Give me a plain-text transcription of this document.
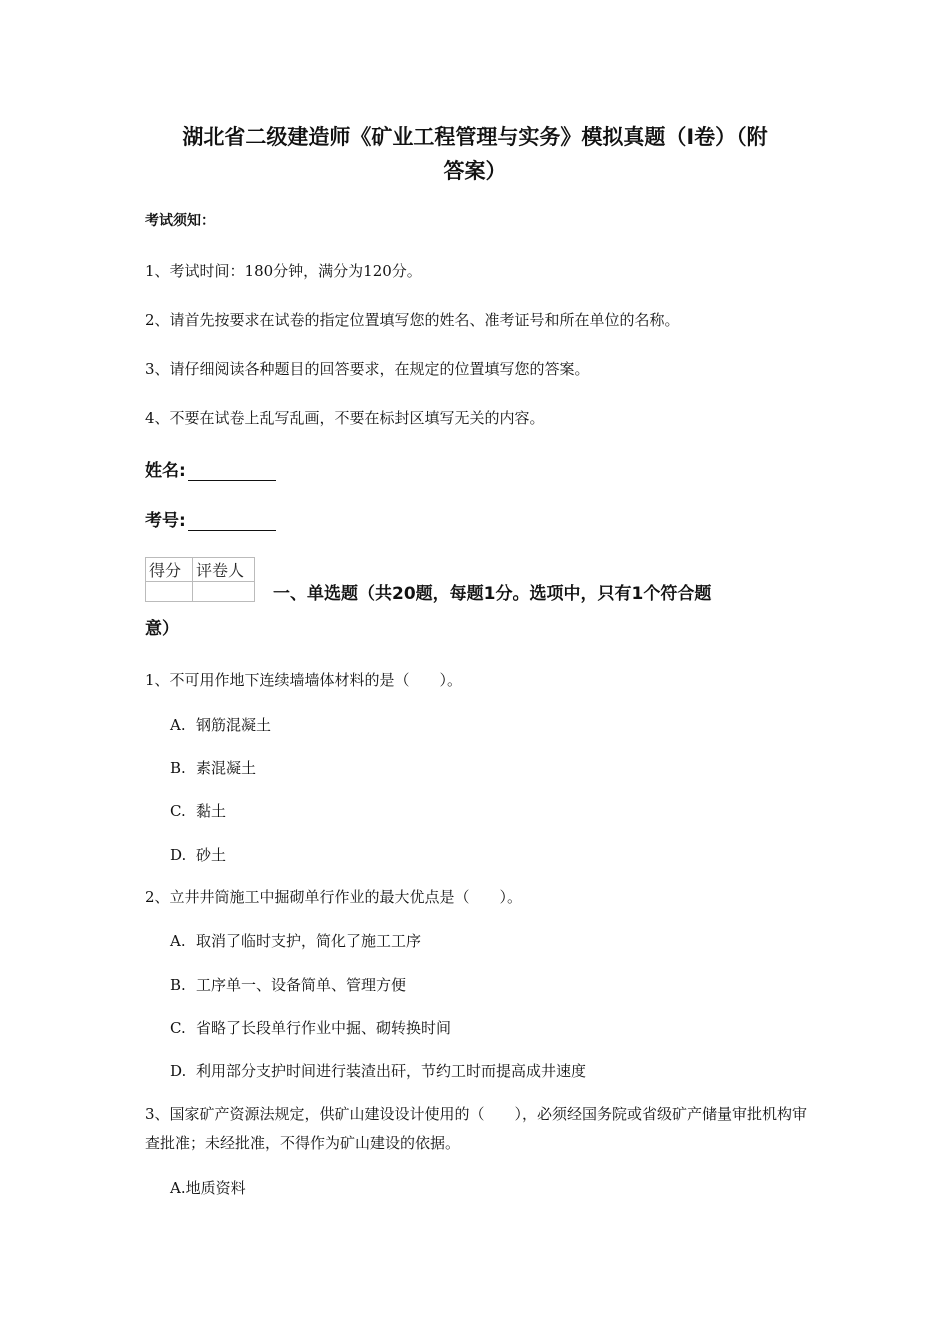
湖北省二级建造师《矿业工程管理与实务》模拟真题（I卷）（附
答案）
考试须知：
1、考试时间：180分钟，满分为120分。
2、请首先按要求在试卷的指定位置填写您的姓名、准考证号和所在单位的名称。
3、请仔细阅读各种题目的回答要求，在规定的位置填写您的答案。
4、不要在试卷上乱写乱画，不要在标封区填写无关的内容。
姓名:
考号:
得分	评卷人

一、单选题（共20题，每题1分。选项中，只有1个符合题
意）
1、不可用作地下连续墙墙体材料的是（　　）。
A. 钢筋混凝土
B. 素混凝土
C. 黏土
D. 砂土
2、立井井筒施工中掘砌单行作业的最大优点是（　　）。
A. 取消了临时支护，简化了施工工序
B. 工序单一、设备简单、管理方便
C. 省略了长段单行作业中掘、砌转换时间
D. 利用部分支护时间进行装渣出矸，节约工时而提高成井速度
3、国家矿产资源法规定，供矿山建设设计使用的（　　），必须经国务院或省级矿产储量审批机构审查批准；未经批准，不得作为矿山建设的依据。
A.地质资料
